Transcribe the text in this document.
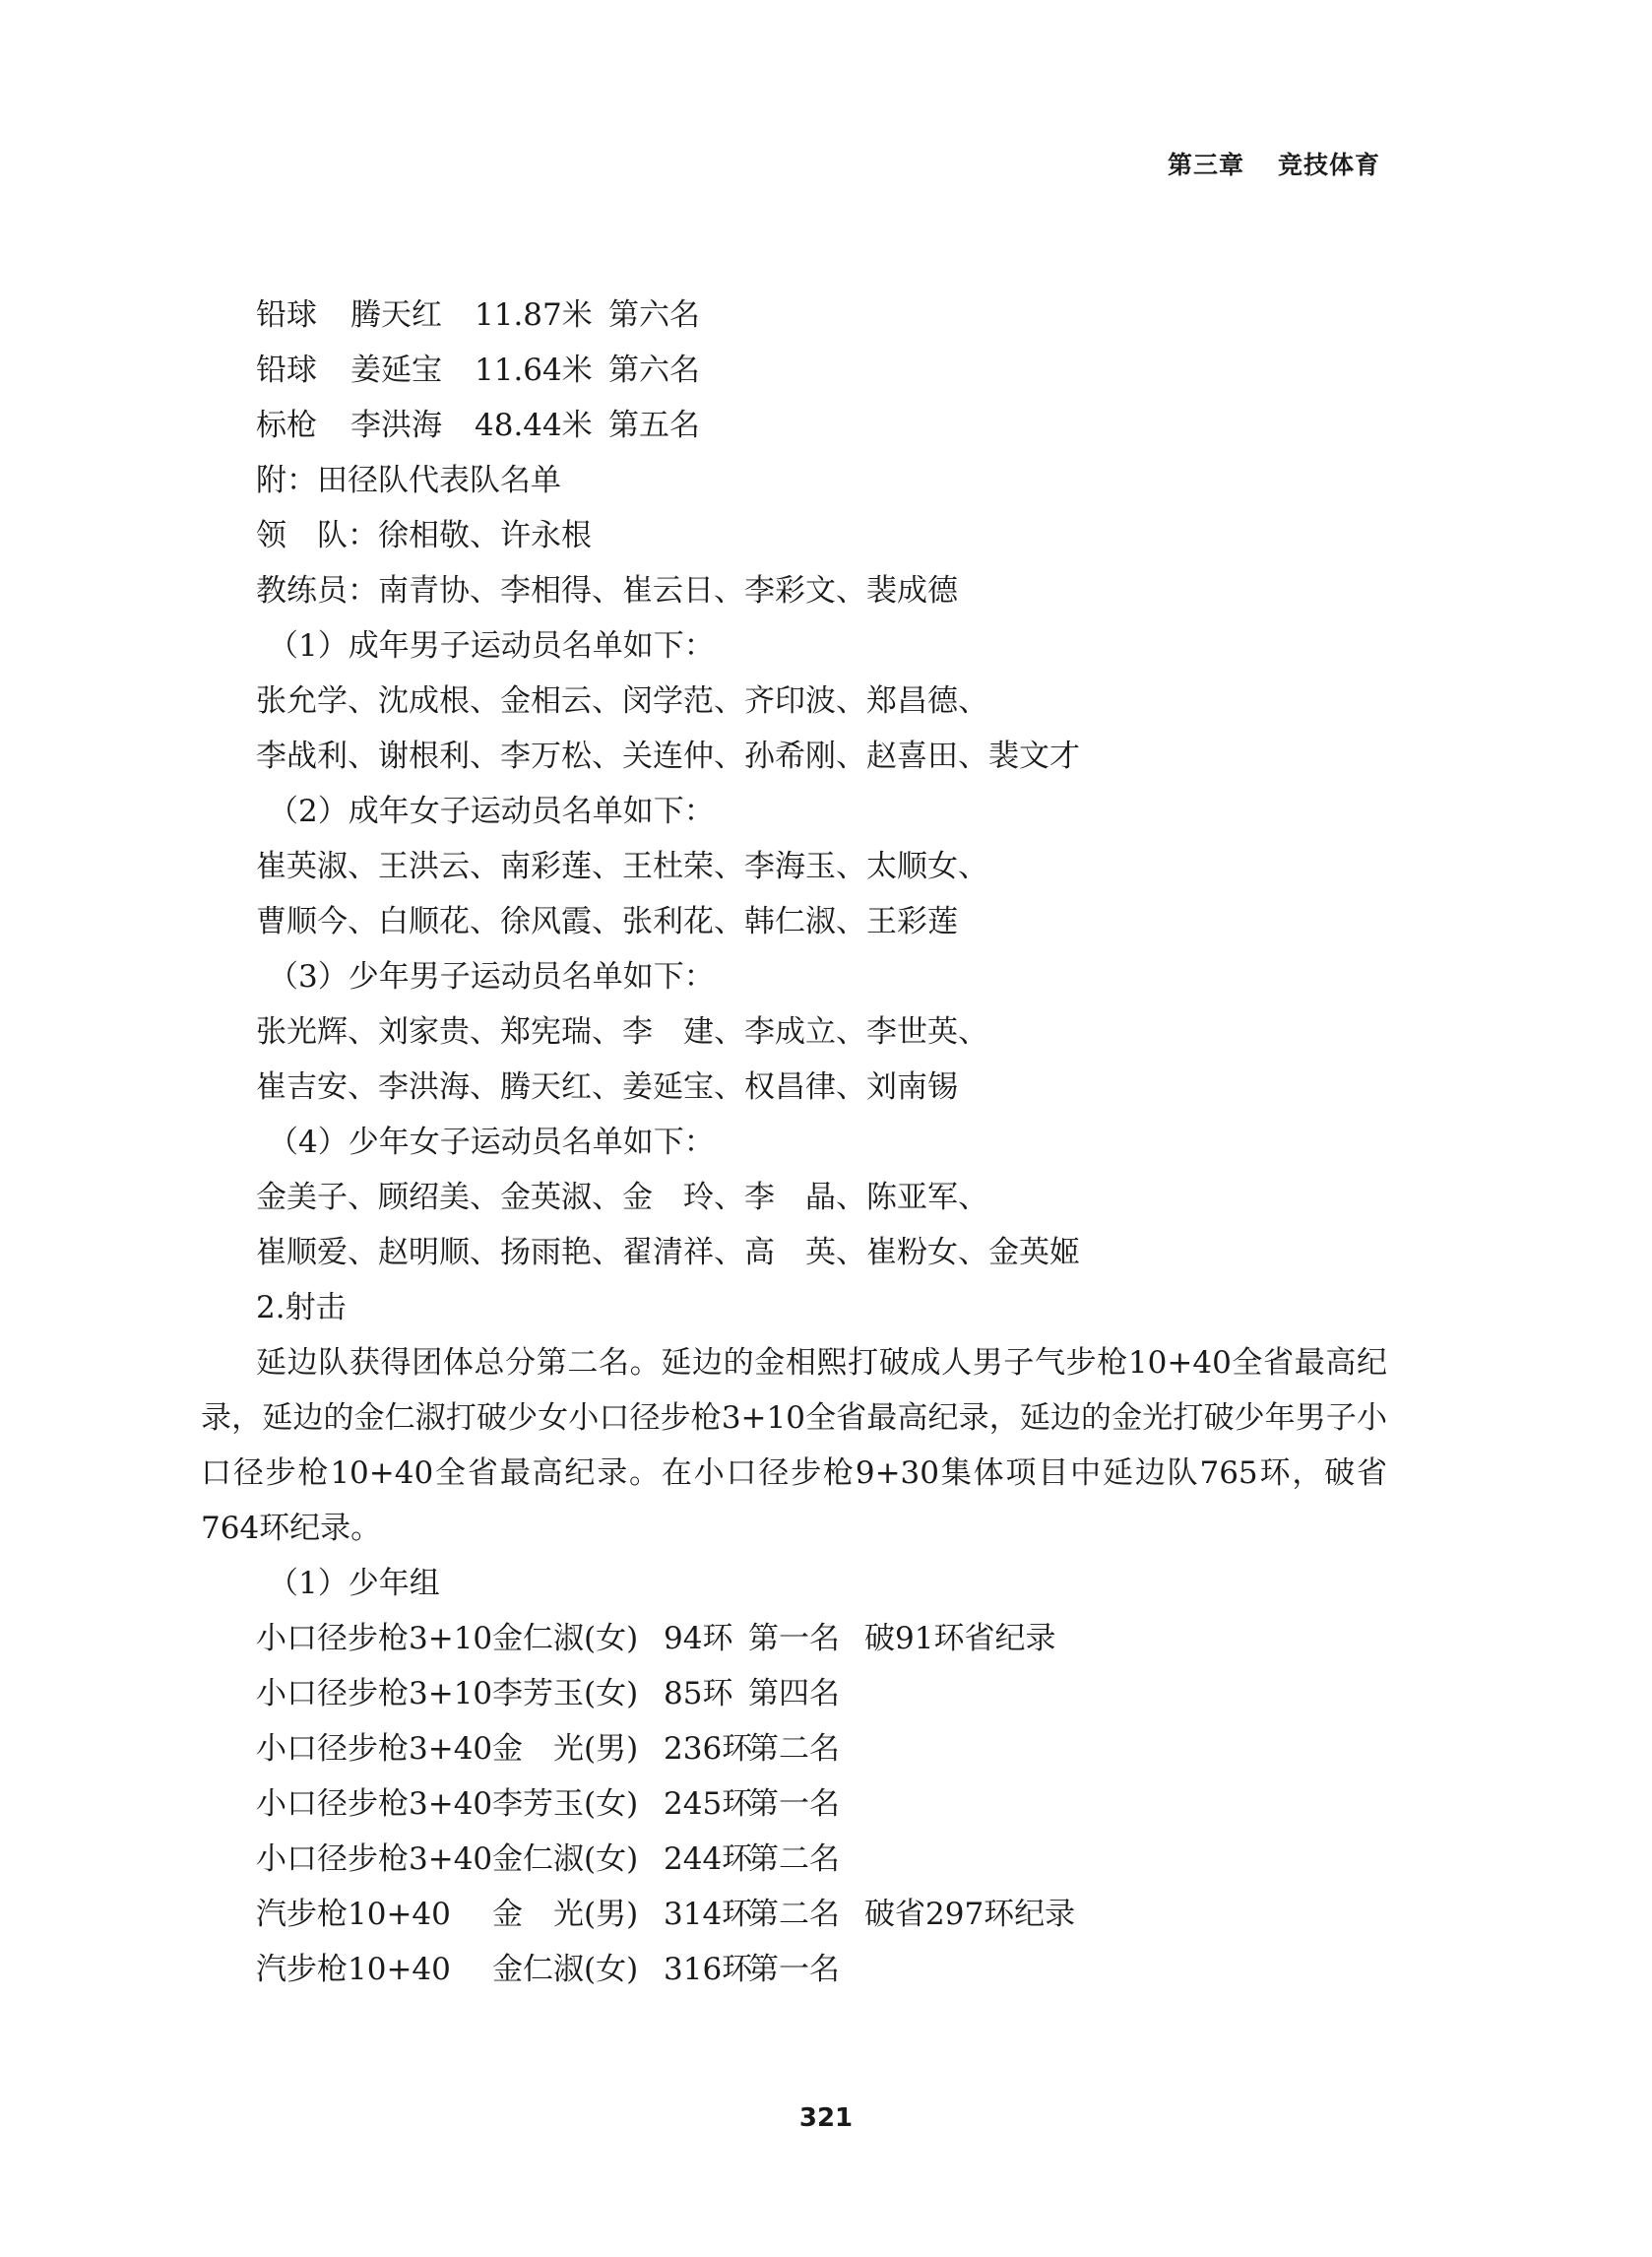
第三章 竞技体育
铅球 腾天红 11.87米 第六名
铅球 姜延宝 11.64米 第六名
标枪 李洪海 48.44米 第五名

附：田径队代表队名单

领　队：徐相敬、许永根

教练员：南青协、李相得、崔云日、李彩文、裴成德

（1）成年男子运动员名单如下：

张允学、沈成根、金相云、闵学范、齐印波、郑昌德、

李战利、谢根利、李万松、关连仲、孙希刚、赵喜田、裴文才

（2）成年女子运动员名单如下：

崔英淑、王洪云、南彩莲、王杜荣、李海玉、太顺女、

曹顺今、白顺花、徐风霞、张利花、韩仁淑、王彩莲

（3）少年男子运动员名单如下：

张光辉、刘家贵、郑宪瑞、李　建、李成立、李世英、

崔吉安、李洪海、腾天红、姜延宝、权昌律、刘南锡

（4）少年女子运动员名单如下：

金美子、顾绍美、金英淑、金　玲、李　晶、陈亚军、

崔顺爱、赵明顺、扬雨艳、翟清祥、高　英、崔粉女、金英姬

2.射击

延边队获得团体总分第二名。延边的金相熙打破成人男子气步枪10+40全省最高纪录，延边的金仁淑打破少女小口径步枪3+10全省最高纪录，延边的金光打破少年男子小口径步枪10+40全省最高纪录。在小口径步枪9+30集体项目中延边队765环，破省764环纪录。

（1）少年组

小口径步枪3+10 金仁淑(女) 94环 第一名 破91环省纪录
小口径步枪3+10 李芳玉(女) 85环 第四名
小口径步枪3+40 金　光(男) 236环
第二名
小口径步枪3+40 李芳玉(女) 245环
第一名
小口径步枪3+40 金仁淑(女) 244环
第二名
汽步枪10+40 金　光(男) 314环
第二名 破省297环纪录
汽步枪10+40 金仁淑(女) 316环
第一名
321
